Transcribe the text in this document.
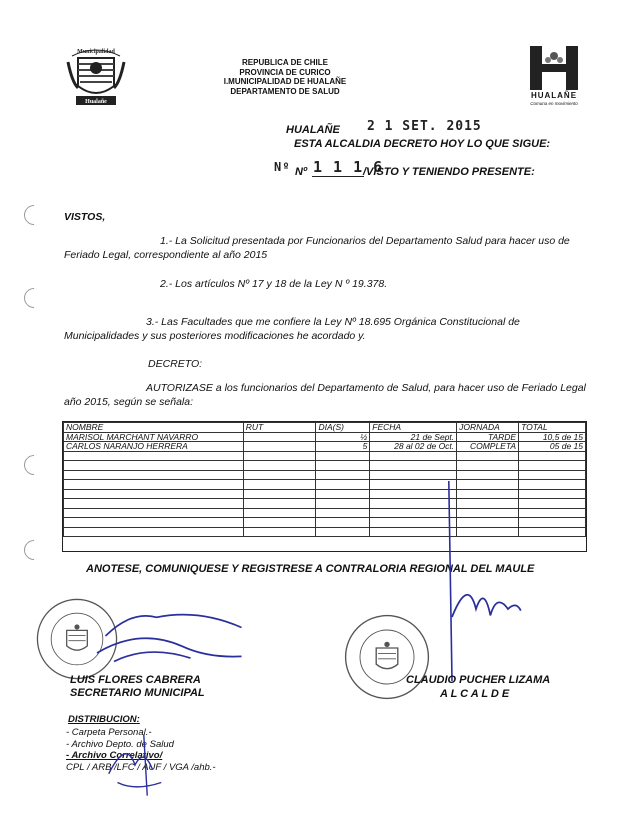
Municipalidad
Hualañe
REPUBLICA DE CHILE
PROVINCIA DE CURICO
I.MUNICIPALIDAD DE HUALAÑE
DEPARTAMENTO DE SALUD	HUALAÑE
Comuna en movimiento
HUALAÑE 2 1 SET. 2015
ESTA ALCALDIA DECRETO HOY LO QUE SIGUE:
Nº Nº 1 1 1 6
/VISTO Y TENIENDO PRESENTE:
VISTOS,
1.- La Solicitud presentada por Funcionarios del Departamento Salud para hacer uso de Feriado Legal, correspondiente al año 2015
2.- Los artículos Nº 17 y 18 de la Ley N º 19.378.
3.- Las Facultades que me confiere la Ley Nº 18.695 Orgánica Constitucional de Municipalidades y sus posteriores modificaciones he acordado y.
DECRETO:
AUTORIZASE a los funcionarios del Departamento de Salud, para hacer uso de Feriado Legal año 2015, según se señala:
NOMBRE	RUT	DIA(S)	FECHA	JORNADA	TOTAL
MARISOL MARCHANT NAVARRO		½	21 de Sept.	TARDE	10,5 de 15
CARLOS NARANJO HERRERA		5	28 al 02 de Oct.	COMPLETA	05 de 15

ANOTESE, COMUNIQUESE Y REGISTRESE A CONTRALORIA REGIONAL DEL MAULE
LUIS FLORES CABRERA
SECRETARIO MUNICIPAL
CLAUDIO PUCHER LIZAMA
A L C A L D E
DISTRIBUCION:
- Carpeta Personal.-
- Archivo Depto. de Salud
- Archivo Correlativo/
CPL / ARB /LFC / AUF / VGA /ahb.-
